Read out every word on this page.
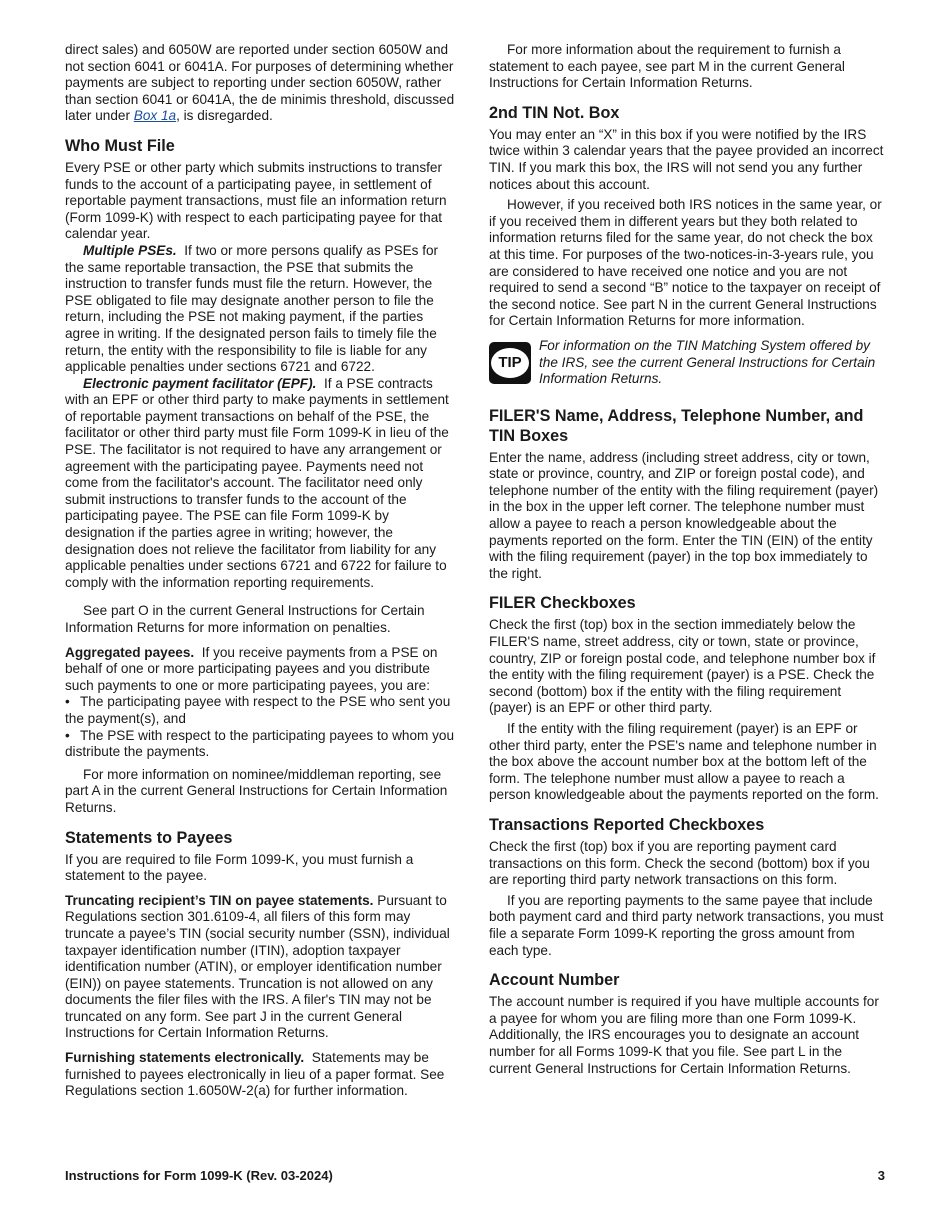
direct sales) and 6050W are reported under section 6050W and not section 6041 or 6041A. For purposes of determining whether payments are subject to reporting under section 6050W, rather than section 6041 or 6041A, the de minimis threshold, discussed later under Box 1a, is disregarded.

Who Must File

Every PSE or other party which submits instructions to transfer funds to the account of a participating payee, in settlement of reportable payment transactions, must file an information return (Form 1099-K) with respect to each participating payee for that calendar year.

Multiple PSEs. If two or more persons qualify as PSEs for the same reportable transaction, the PSE that submits the instruction to transfer funds must file the return. However, the PSE obligated to file may designate another person to file the return, including the PSE not making payment, if the parties agree in writing. If the designated person fails to timely file the return, the entity with the responsibility to file is liable for any applicable penalties under sections 6721 and 6722.

Electronic payment facilitator (EPF). If a PSE contracts with an EPF or other third party to make payments in settlement of reportable payment transactions on behalf of the PSE, the facilitator or other third party must file Form 1099-K in lieu of the PSE. The facilitator is not required to have any arrangement or agreement with the participating payee. Payments need not come from the facilitator's account. The facilitator need only submit instructions to transfer funds to the account of the participating payee. The PSE can file Form 1099-K by designation if the parties agree in writing; however, the designation does not relieve the facilitator from liability for any applicable penalties under sections 6721 and 6722 for failure to comply with the information reporting requirements.

See part O in the current General Instructions for Certain Information Returns for more information on penalties.

Aggregated payees. If you receive payments from a PSE on behalf of one or more participating payees and you distribute such payments to one or more participating payees, you are:

• The participating payee with respect to the PSE who sent you the payment(s), and

• The PSE with respect to the participating payees to whom you distribute the payments.

For more information on nominee/middleman reporting, see part A in the current General Instructions for Certain Information Returns.

Statements to Payees

If you are required to file Form 1099-K, you must furnish a statement to the payee.

Truncating recipient’s TIN on payee statements. Pursuant to Regulations section 301.6109-4, all filers of this form may truncate a payee’s TIN (social security number (SSN), individual taxpayer identification number (ITIN), adoption taxpayer identification number (ATIN), or employer identification number (EIN)) on payee statements. Truncation is not allowed on any documents the filer files with the IRS. A filer's TIN may not be truncated on any form. See part J in the current General Instructions for Certain Information Returns.

Furnishing statements electronically. Statements may be furnished to payees electronically in lieu of a paper format. See Regulations section 1.6050W-2(a) for further information.

For more information about the requirement to furnish a statement to each payee, see part M in the current General Instructions for Certain Information Returns.

2nd TIN Not. Box

You may enter an “X” in this box if you were notified by the IRS twice within 3 calendar years that the payee provided an incorrect TIN. If you mark this box, the IRS will not send you any further notices about this account.

However, if you received both IRS notices in the same year, or if you received them in different years but they both related to information returns filed for the same year, do not check the box at this time. For purposes of the two-notices-in-3-years rule, you are considered to have received one notice and you are not required to send a second “B” notice to the taxpayer on receipt of the second notice. See part N in the current General Instructions for Certain Information Returns for more information.

TIP

For information on the TIN Matching System offered by the IRS, see the current General Instructions for Certain Information Returns.

FILER'S Name, Address, Telephone Number, and TIN Boxes

Enter the name, address (including street address, city or town, state or province, country, and ZIP or foreign postal code), and telephone number of the entity with the filing requirement (payer) in the box in the upper left corner. The telephone number must allow a payee to reach a person knowledgeable about the payments reported on the form. Enter the TIN (EIN) of the entity with the filing requirement (payer) in the top box immediately to the right.

FILER Checkboxes

Check the first (top) box in the section immediately below the FILER'S name, street address, city or town, state or province, country, ZIP or foreign postal code, and telephone number box if the entity with the filing requirement (payer) is a PSE. Check the second (bottom) box if the entity with the filing requirement (payer) is an EPF or other third party.

If the entity with the filing requirement (payer) is an EPF or other third party, enter the PSE's name and telephone number in the box above the account number box at the bottom left of the form. The telephone number must allow a payee to reach a person knowledgeable about the payments reported on the form.

Transactions Reported Checkboxes

Check the first (top) box if you are reporting payment card transactions on this form. Check the second (bottom) box if you are reporting third party network transactions on this form.

If you are reporting payments to the same payee that include both payment card and third party network transactions, you must file a separate Form 1099-K reporting the gross amount from each type.

Account Number

The account number is required if you have multiple accounts for a payee for whom you are filing more than one Form 1099-K. Additionally, the IRS encourages you to designate an account number for all Forms 1099-K that you file. See part L in the current General Instructions for Certain Information Returns.

Instructions for Form 1099-K (Rev. 03-2024)	3
